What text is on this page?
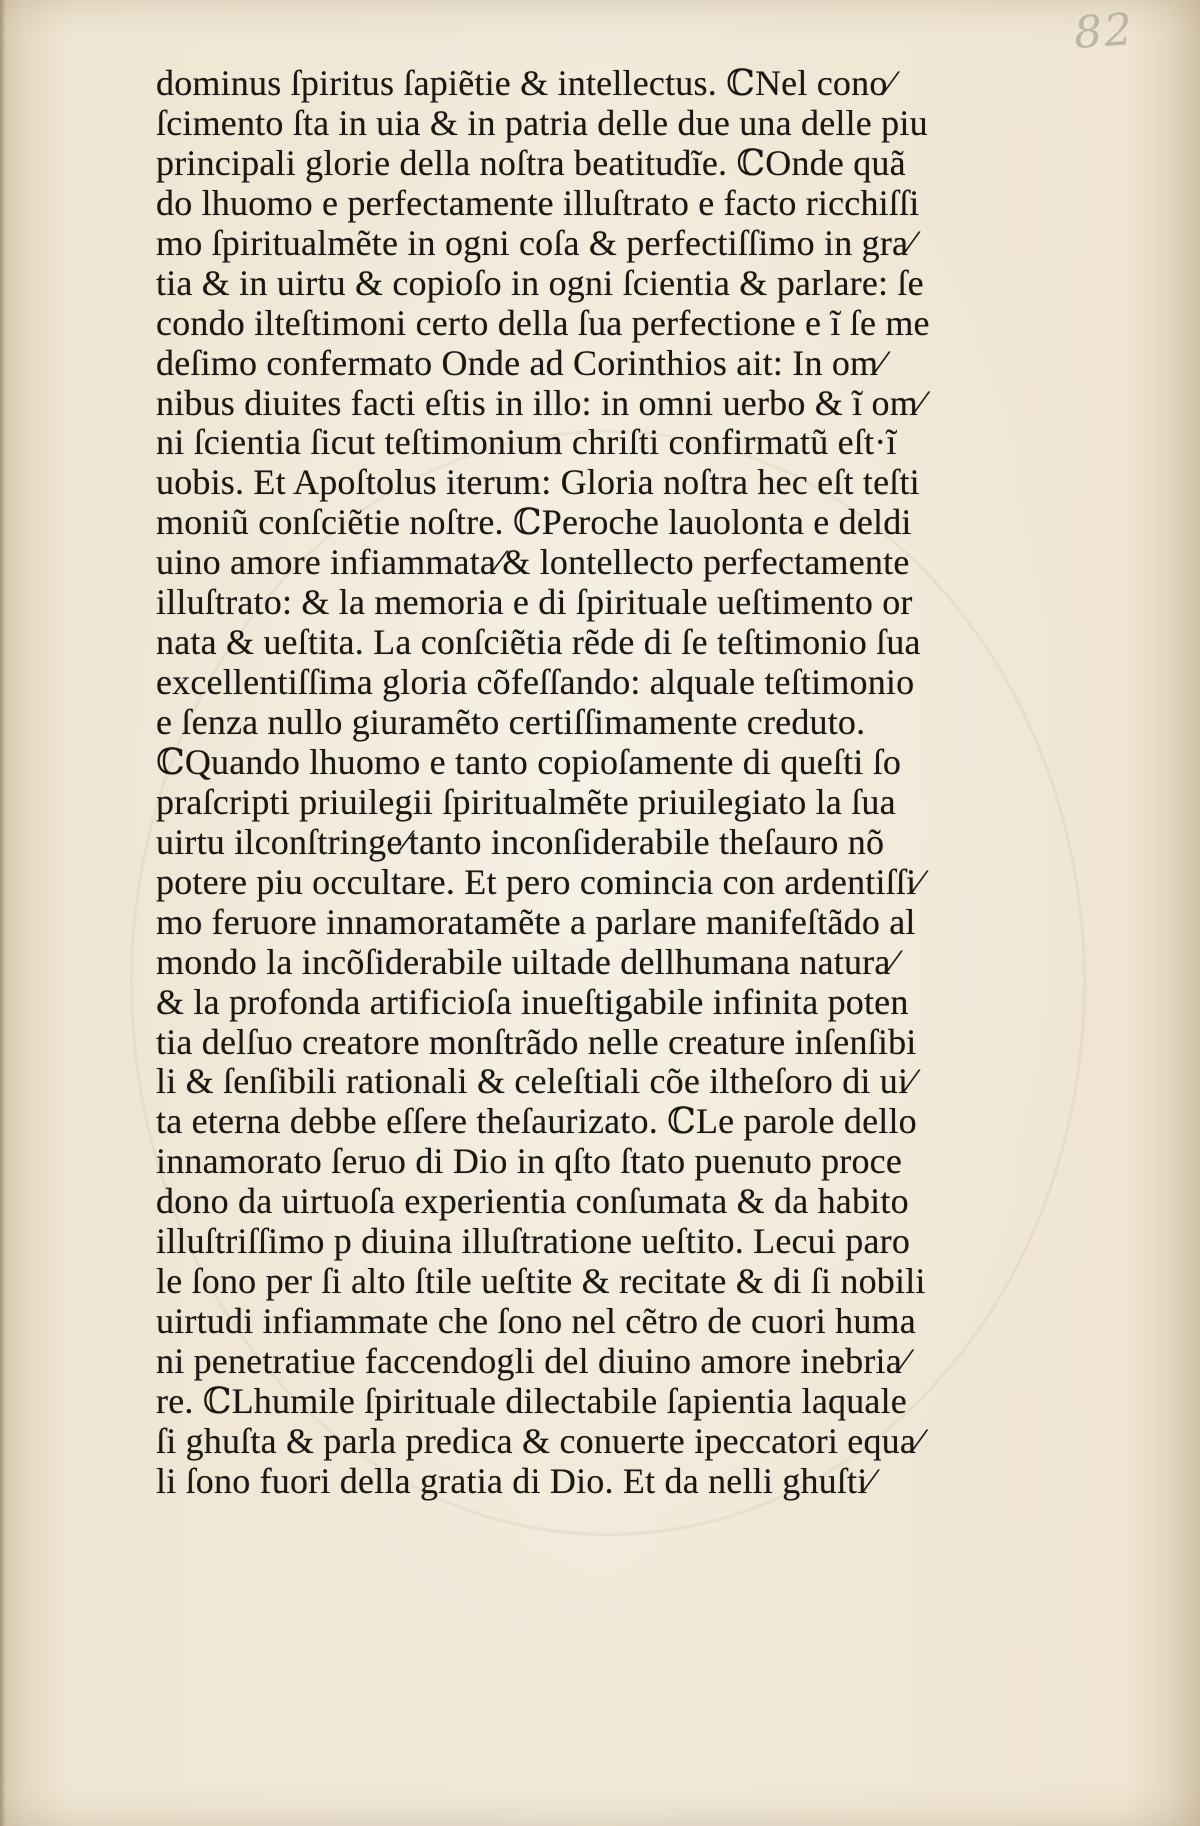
82
dominus ſpiritus ſapiẽtie & intellectus. ℂNel cono⁄
ſcimento ſta in uia & in patria delle due una delle piu
principali glorie della noſtra beatitudĩe. ℂOnde quã
do lhuomo e perfectamente illuſtrato e facto ricchiſſi
mo ſpiritualmẽte in ogni coſa & perfectiſſimo in gra⁄
tia & in uirtu & copioſo in ogni ſcientia & parlare: ſe
condo ilteſtimoni certo della ſua perfectione e ĩ ſe me
deſimo confermato Onde ad Corinthios ait: In om⁄
nibus diuites facti eſtis in illo: in omni uerbo & ĩ om⁄
ni ſcientia ſicut teſtimonium chriſti confirmatũ eſt·ĩ
uobis. Et Apoſtolus iterum: Gloria noſtra hec eſt teſti
moniũ conſciẽtie noſtre. ℂPeroche lauolonta e deldi
uino amore infiammata⁄& lontellecto perfectamente
illuſtrato: & la memoria e di ſpirituale ueſtimento or
nata & ueſtita. La conſciẽtia rẽde di ſe teſtimonio ſua
excellentiſſima gloria cõfeſſando: alquale teſtimonio
e ſenza nullo giuramẽto certiſſimamente creduto.
ℂQuando lhuomo e tanto copioſamente di queſti ſo
praſcripti priuilegii ſpiritualmẽte priuilegiato la ſua
uirtu ilconſtringe⁄tanto inconſiderabile theſauro nõ
potere piu occultare. Et pero comincia con ardentiſſi⁄
mo feruore innamoratamẽte a parlare manifeſtãdo al
mondo la incõſiderabile uiltade dellhumana natura⁄
& la profonda artificioſa inueſtigabile infinita poten
tia delſuo creatore monſtrãdo nelle creature inſenſibi
li & ſenſibili rationali & celeſtiali cõe iltheſoro di ui⁄
ta eterna debbe eſſere theſaurizato. ℂLe parole dello
innamorato ſeruo di Dio in qſto ſtato puenuto proce
dono da uirtuoſa experientia conſumata & da habito
illuſtriſſimo p diuina illuſtratione ueſtito. Lecui paro
le ſono per ſi alto ſtile ueſtite & recitate & di ſi nobili
uirtudi infiammate che ſono nel cẽtro de cuori huma
ni penetratiue faccendogli del diuino amore inebria⁄
re. ℂLhumile ſpirituale dilectabile ſapientia laquale
ſi ghuſta & parla predica & conuerte ipeccatori equa⁄
li ſono fuori della gratia di Dio. Et da nelli ghuſti⁄
